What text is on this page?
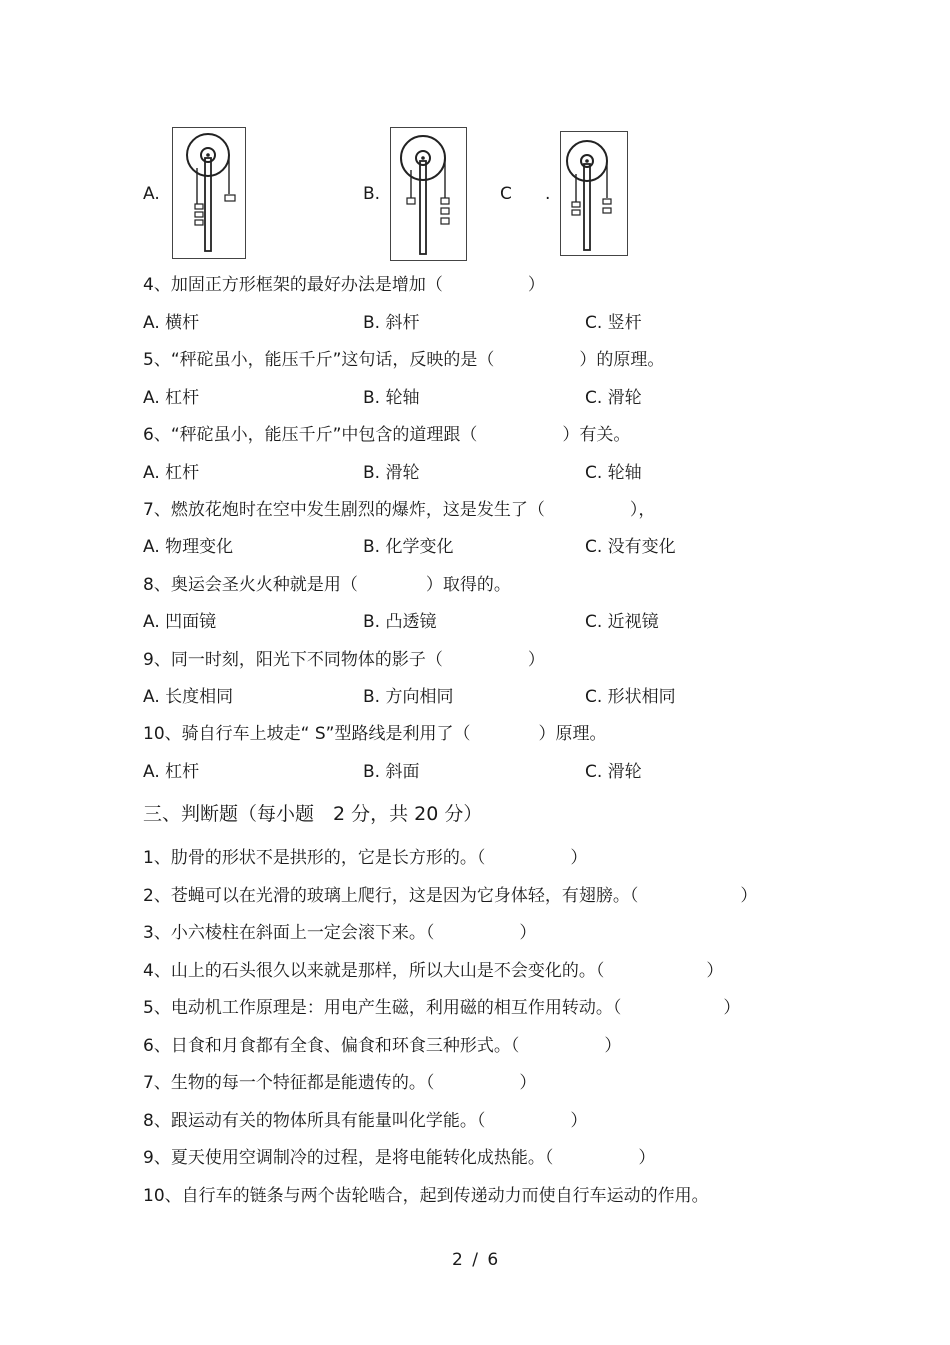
A.	B.	C .
4、加固正方形框架的最好办法是增加（　　　　　）
A. 横杆	B. 斜杆	C. 竖杆
5、“秤砣虽小，能压千斤”这句话，反映的是（　　　　　）的原理。
A. 杠杆	B. 轮轴	C. 滑轮
6、“秤砣虽小，能压千斤”中包含的道理跟（　　　　　）有关。
A. 杠杆	B. 滑轮	C. 轮轴
7、燃放花炮时在空中发生剧烈的爆炸，这是发生了（　　　　　），
A. 物理变化	B. 化学变化	C. 没有变化
8、奥运会圣火火种就是用（　　　　）取得的。
A. 凹面镜	B. 凸透镜	C. 近视镜
9、同一时刻，阳光下不同物体的影子（　　　　　）
A. 长度相同	B. 方向相同	C. 形状相同
10、骑自行车上坡走“ S”型路线是利用了（　　　　）原理。
A. 杠杆	B. 斜面	C. 滑轮
三、判断题（每小题　2 分，共 20 分）
1、肋骨的形状不是拱形的，它是长方形的。（　　　　　）
2、苍蝇可以在光滑的玻璃上爬行，这是因为它身体轻，有翅膀。（　　　　　　）
3、小六棱柱在斜面上一定会滚下来。（　　　　　）
4、山上的石头很久以来就是那样，所以大山是不会变化的。（　　　　　　）
5、电动机工作原理是：用电产生磁，利用磁的相互作用转动。（　　　　　　）
6、日食和月食都有全食、偏食和环食三种形式。（　　　　　）
7、生物的每一个特征都是能遗传的。（　　　　　）
8、跟运动有关的物体所具有能量叫化学能。（　　　　　）
9、夏天使用空调制冷的过程，是将电能转化成热能。（　　　　　）
10、自行车的链条与两个齿轮啮合，起到传递动力而使自行车运动的作用。
2 / 6
